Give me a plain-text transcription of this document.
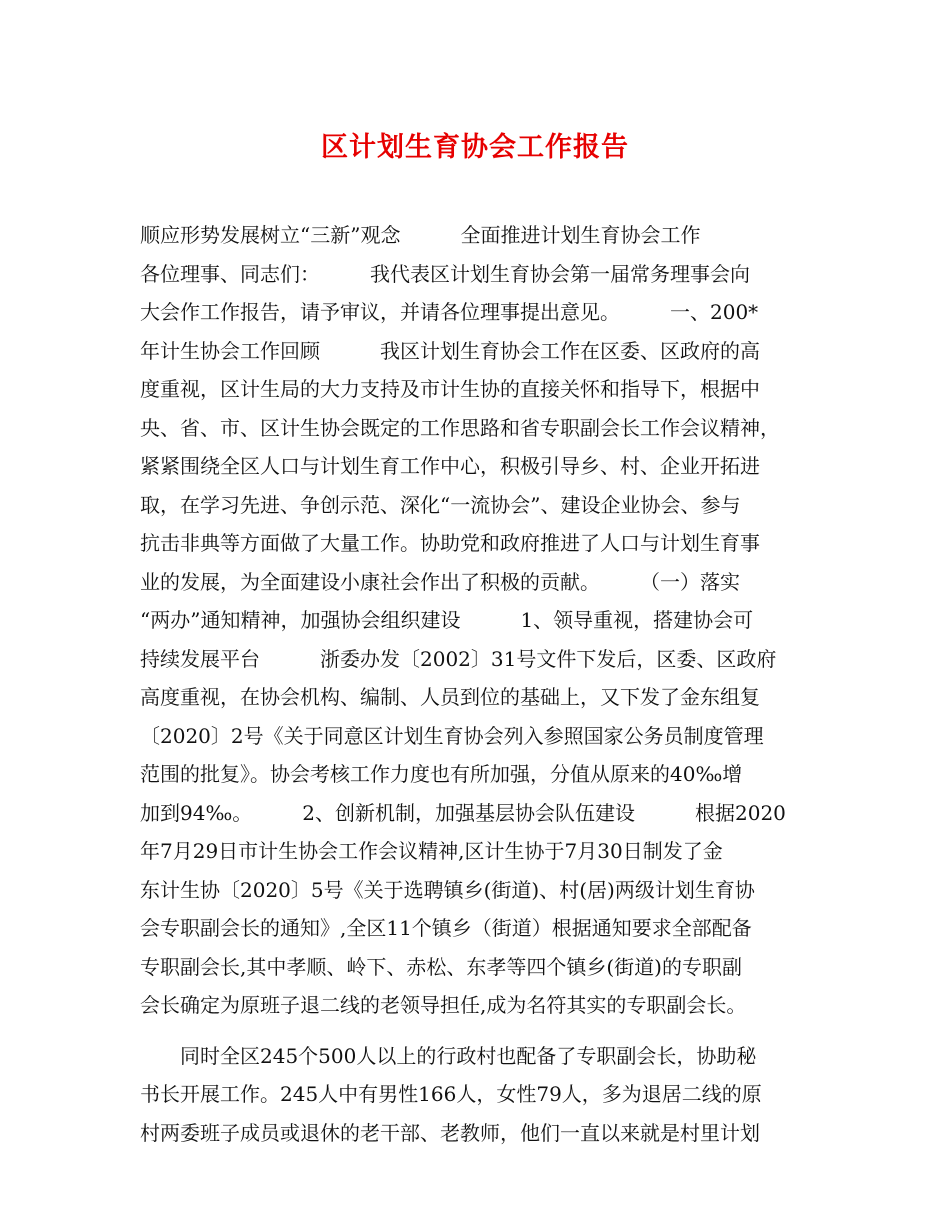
区计划生育协会工作报告
顺应形势发展树立“三新”观念　　　全面推进计划生育协会工作
各位理事、同志们：　　　我代表区计划生育协会第一届常务理事会向
大会作工作报告，请予审议，并请各位理事提出意见。　　　一、200*
年计生协会工作回顾　　　我区计划生育协会工作在区委、区政府的高
度重视，区计生局的大力支持及市计生协的直接关怀和指导下，根据中
央、省、市、区计生协会既定的工作思路和省专职副会长工作会议精神，
紧紧围绕全区人口与计划生育工作中心，积极引导乡、村、企业开拓进
取，在学习先进、争创示范、深化“一流协会”、建设企业协会、参与
抗击非典等方面做了大量工作。协助党和政府推进了人口与计划生育事
业的发展，为全面建设小康社会作出了积极的贡献。　　　（一）落实
“两办”通知精神，加强协会组织建设　　　1、领导重视，搭建协会可
持续发展平台　　　浙委办发〔2002〕31号文件下发后，区委、区政府
高度重视，在协会机构、编制、人员到位的基础上，又下发了金东组复
〔2020〕2号《关于同意区计划生育协会列入参照国家公务员制度管理
范围的批复》。协会考核工作力度也有所加强，分值从原来的40‰增
加到94‰。　　　2、创新机制，加强基层协会队伍建设　　　根据2020
年7月29日市计生协会工作会议精神,区计生协于7月30日制发了金
东计生协〔2020〕5号《关于选聘镇乡(街道)、村(居)两级计划生育协
会专职副会长的通知》,全区11个镇乡（街道）根据通知要求全部配备
专职副会长,其中孝顺、岭下、赤松、东孝等四个镇乡(街道)的专职副
会长确定为原班子退二线的老领导担任,成为名符其实的专职副会长。
　　同时全区245个500人以上的行政村也配备了专职副会长，协助秘
书长开展工作。245人中有男性166人，女性79人，多为退居二线的原
村两委班子成员或退休的老干部、老教师，他们一直以来就是村里计划
